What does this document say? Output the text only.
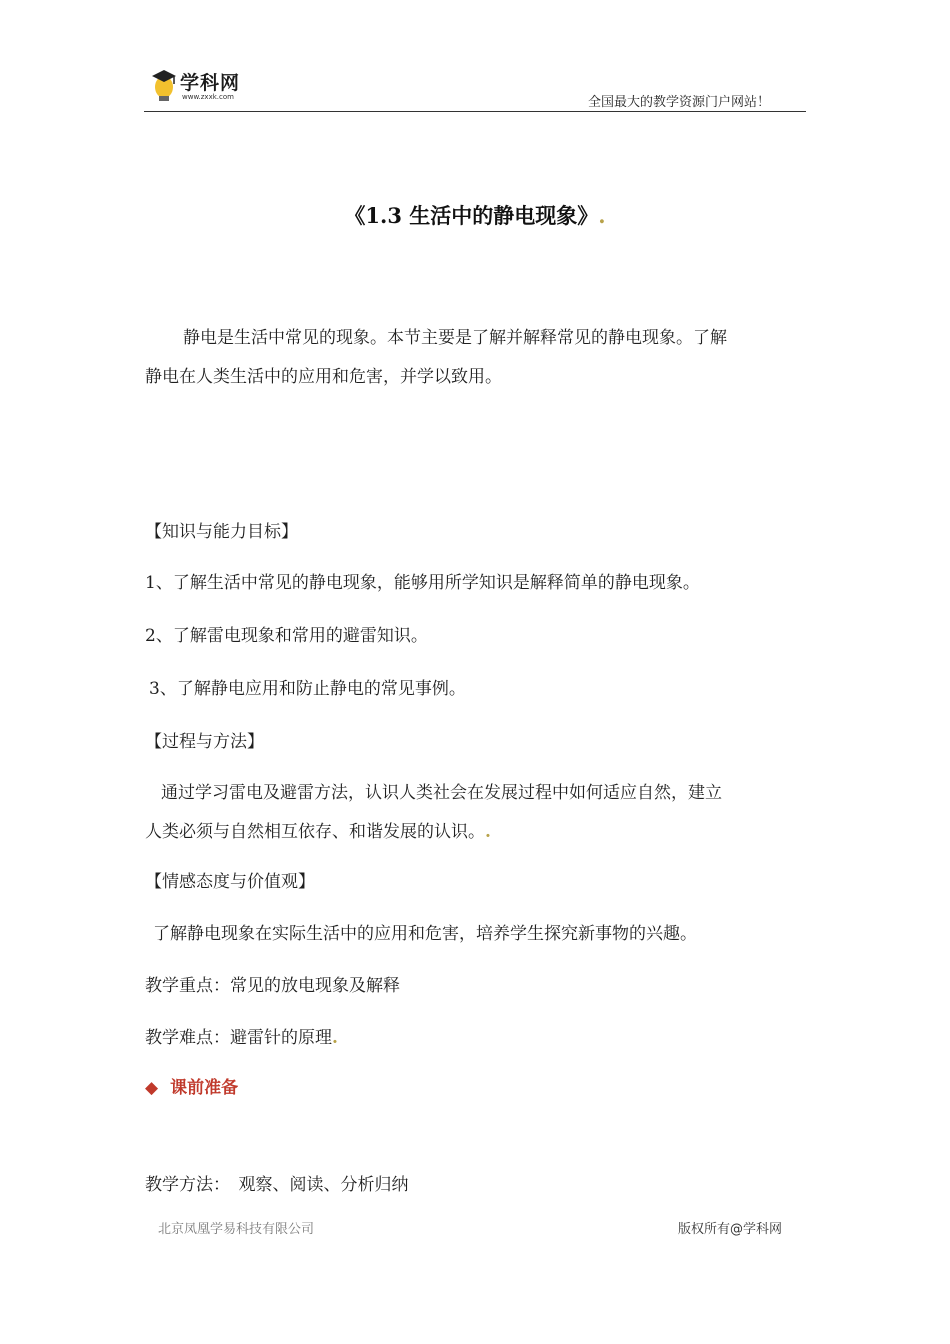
学科网
www.zxxk.com	全国最大的教学资源门户网站！
《1.3 生活中的静电现象》.
静电是生活中常见的现象。本节主要是了解并解释常见的静电现象。了解
静电在人类生活中的应用和危害，并学以致用。
【知识与能力目标】
1、了解生活中常见的静电现象，能够用所学知识是解释简单的静电现象。
2、了解雷电现象和常用的避雷知识。
3、了解静电应用和防止静电的常见事例。
【过程与方法】
通过学习雷电及避雷方法，认识人类社会在发展过程中如何适应自然，建立
人类必须与自然相互依存、和谐发展的认识。.
【情感态度与价值观】
了解静电现象在实际生活中的应用和危害，培养学生探究新事物的兴趣。
教学重点：常见的放电现象及解释
教学难点：避雷针的原理.
◆ 课前准备
教学方法：　观察、阅读、分析归纳
北京凤凰学易科技有限公司	版权所有@学科网
